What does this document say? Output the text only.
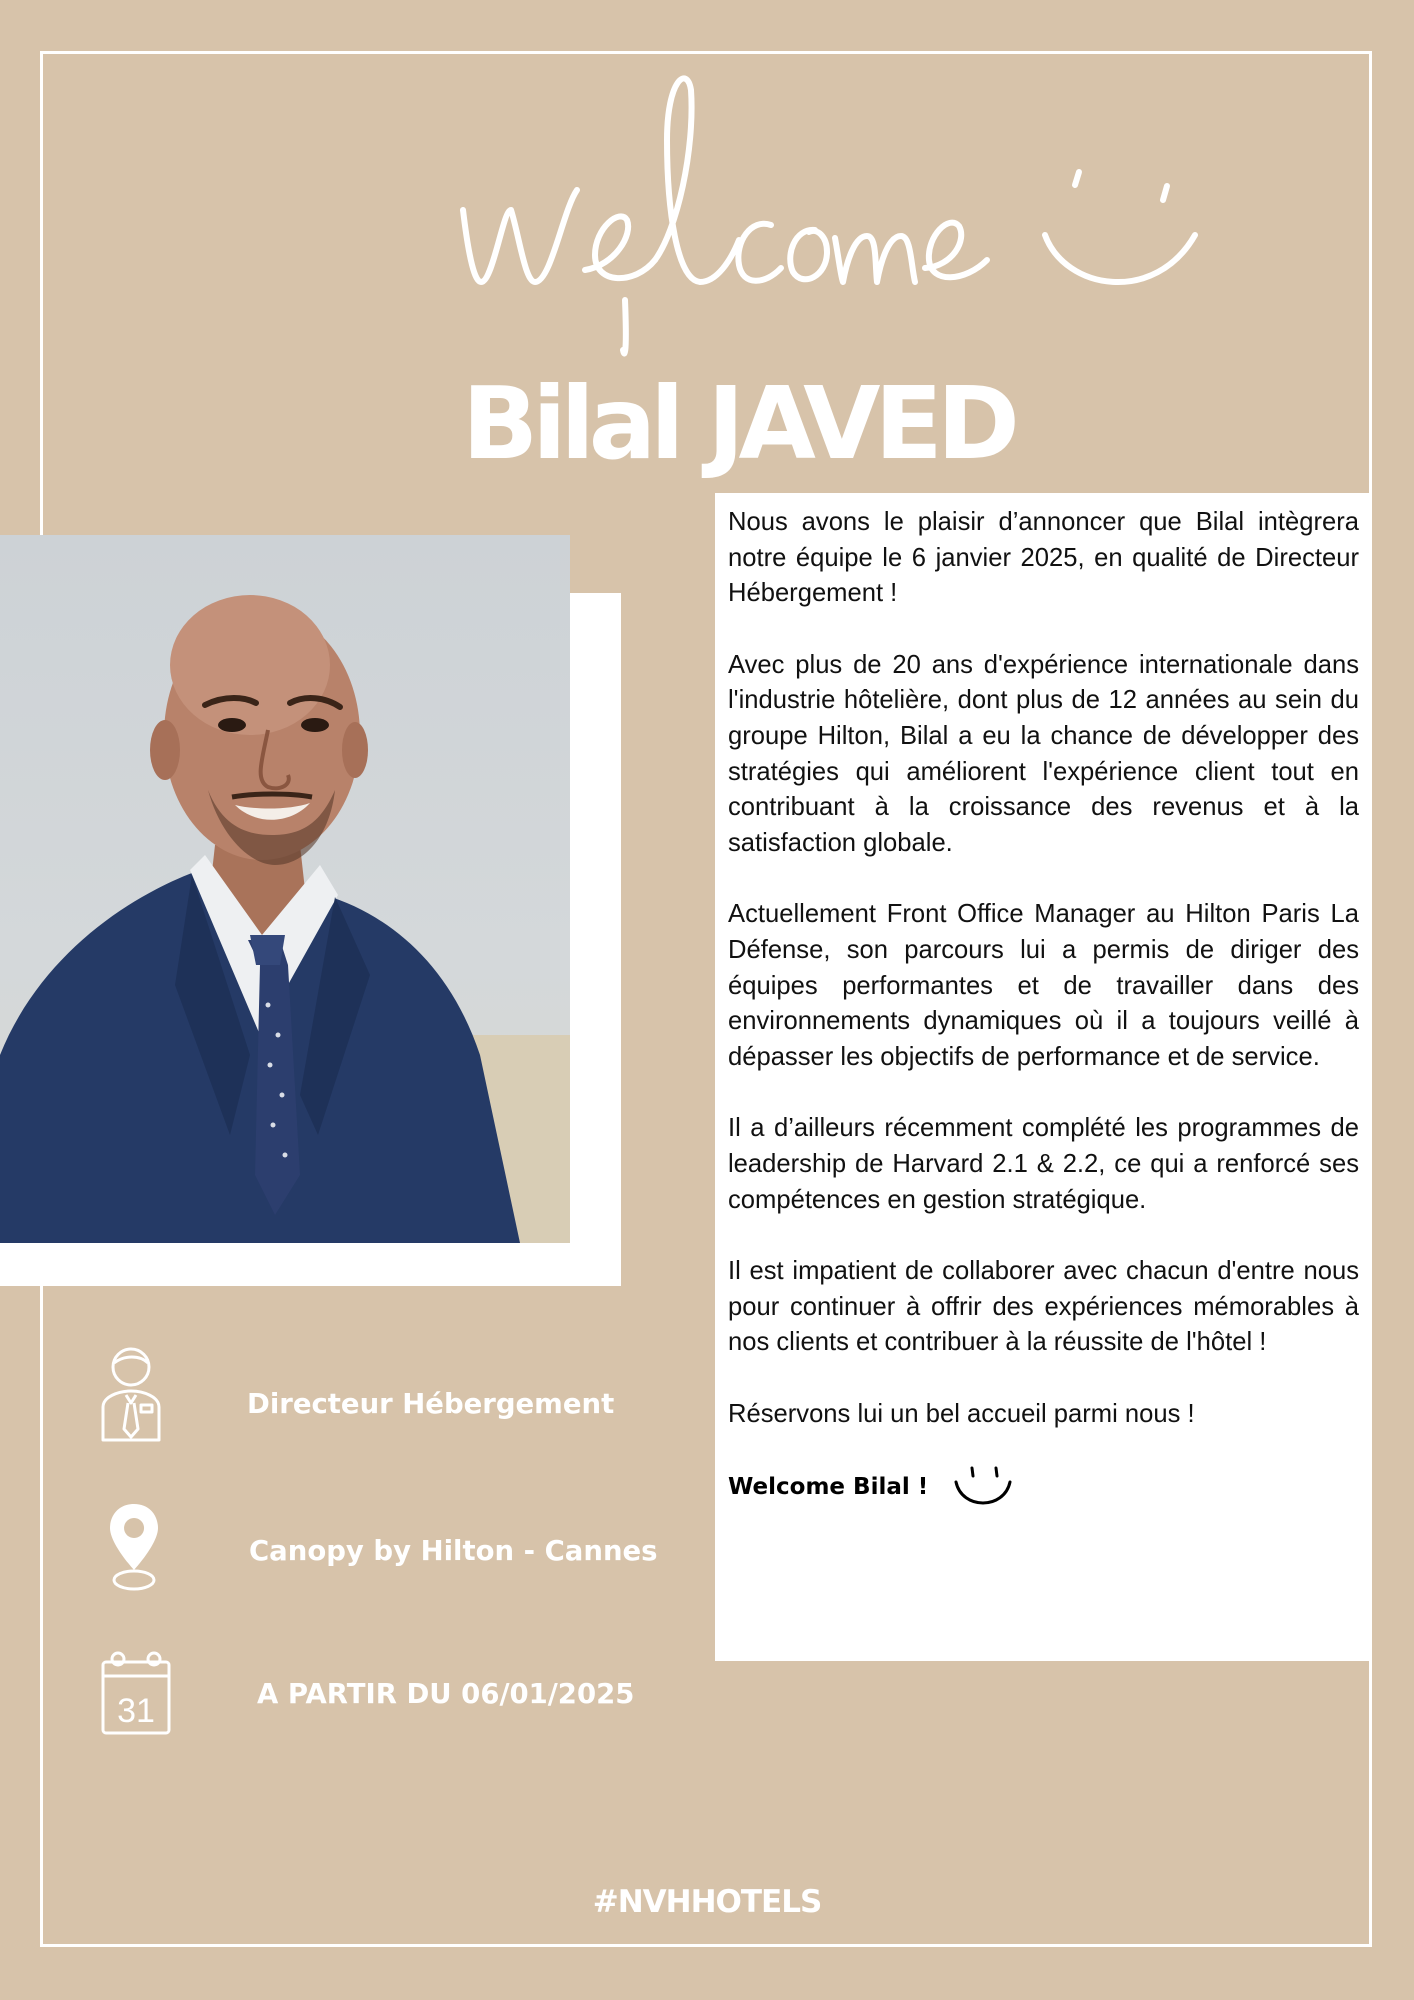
Bilal JAVED

Nous avons le plaisir d’annoncer que Bilal intègrera notre équipe le 6 janvier 2025, en qualité de Directeur Hébergement !

Avec plus de 20 ans d'expérience internationale dans l'industrie hôtelière, dont plus de 12 années au sein du groupe Hilton, Bilal a eu la chance de développer des stratégies qui améliorent l'expérience client tout en contribuant à la croissance des revenus et à la satisfaction globale.

Actuellement Front Office Manager au Hilton Paris La Défense, son parcours lui a permis de diriger des équipes performantes et de travailler dans des environnements dynamiques où il a toujours veillé à dépasser les objectifs de performance et de service.

Il a d’ailleurs récemment complété les programmes de leadership de Harvard 2.1 & 2.2, ce qui a renforcé ses compétences en gestion stratégique.

Il est impatient de collaborer avec chacun d'entre nous pour continuer à offrir des expériences mémorables à nos clients et contribuer à la réussite de l'hôtel !

Réservons lui un bel accueil parmi nous !

Welcome Bilal !
Directeur Hébergement
Canopy by Hilton - Cannes
31	A PARTIR DU 06/01/2025
#NVHHOTELS
